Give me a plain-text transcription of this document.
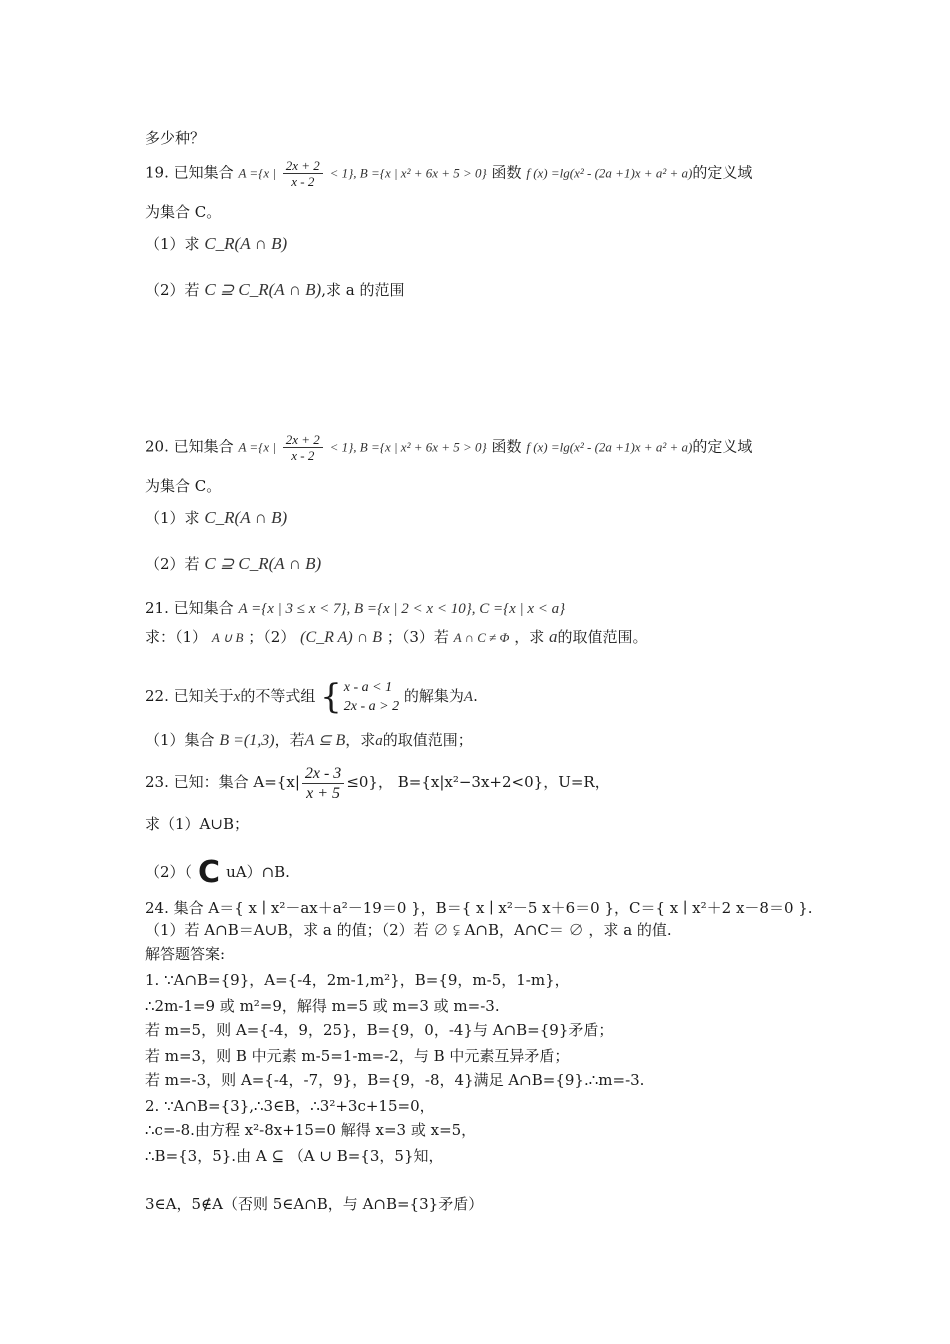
多少种？
19. 已知集合 A ={x | $\frac{2x + 2}{x - 2} < 1$}, B ={x | x² + 6x + 5 > 0} 函数 f (x) =lg(x² - (2a +1)x + a² + a)的定义域
为集合 C。
（1）求 C_R(A ∩ B)
（2）若 C ⊇ C_R(A ∩ B),求 a 的范围
20. 已知集合 A ={x | $\frac{2x + 2}{x - 2} < 1$}, B ={x | x² + 6x + 5 > 0} 函数 f (x) =lg(x² - (2a +1)x + a² + a)的定义域
为集合 C。
（1）求 C_R(A ∩ B)
（2）若 C ⊇ C_R(A ∩ B)
21. 已知集合 A ={x | 3 ≤ x < 7}, B ={x | 2 < x < 10}, C ={x | x < a}
求：（1） A ∪ B ；（2） (C_R A) ∩ B ；（3）若 A ∩ C ≠ Φ ，求 a的取值范围。
22. 已知关于x的不等式组 { x - a < 1
2x - a > 2
的解集为A.
（1）集合 B =(1,3)，若A ⊆ B，求a的取值范围；
23. 已知：集合 $A=\{x| \frac{2x - 3}{x + 5} \le 0\}$， B={x|x²−3x+2<0}，U=R，
求（1）A∪B；
（2）（ C uA）∩B.
24. 集合 A＝{ x ∣ x²－ax＋a²－19＝0 }，B＝{ x ∣ x²－5 x＋6＝0 }，C＝{ x ∣ x²＋2 x－8＝0 }.
（1）若 A∩B＝A∪B，求 a 的值；（2）若 ∅ ⫋ A∩B，A∩C＝ ∅ ，求 a 的值.
解答题答案:
1. ∵A∩B={9}，A={-4，2m-1,m²}，B={9，m-5，1-m}，
∴2m-1=9 或 m²=9，解得 m=5 或 m=3 或 m=-3.
若 m=5，则 A={-4，9，25}，B={9，0，-4}与 A∩B={9}矛盾；
若 m=3，则 B 中元素 m-5=1-m=-2，与 B 中元素互异矛盾；
若 m=-3，则 A={-4，-7，9}，B={9，-8，4}满足 A∩B={9}.∴m=-3.
2. ∵A∩B={3},∴3∈B，∴3²+3c+15=0，
∴c=-8.由方程 x²-8x+15=0 解得 x=3 或 x=5，
∴B={3，5}.由 A ⊆ （A ∪ B={3，5}知，
3∈A，5∉A（否则 5∈A∩B，与 A∩B={3}矛盾）
